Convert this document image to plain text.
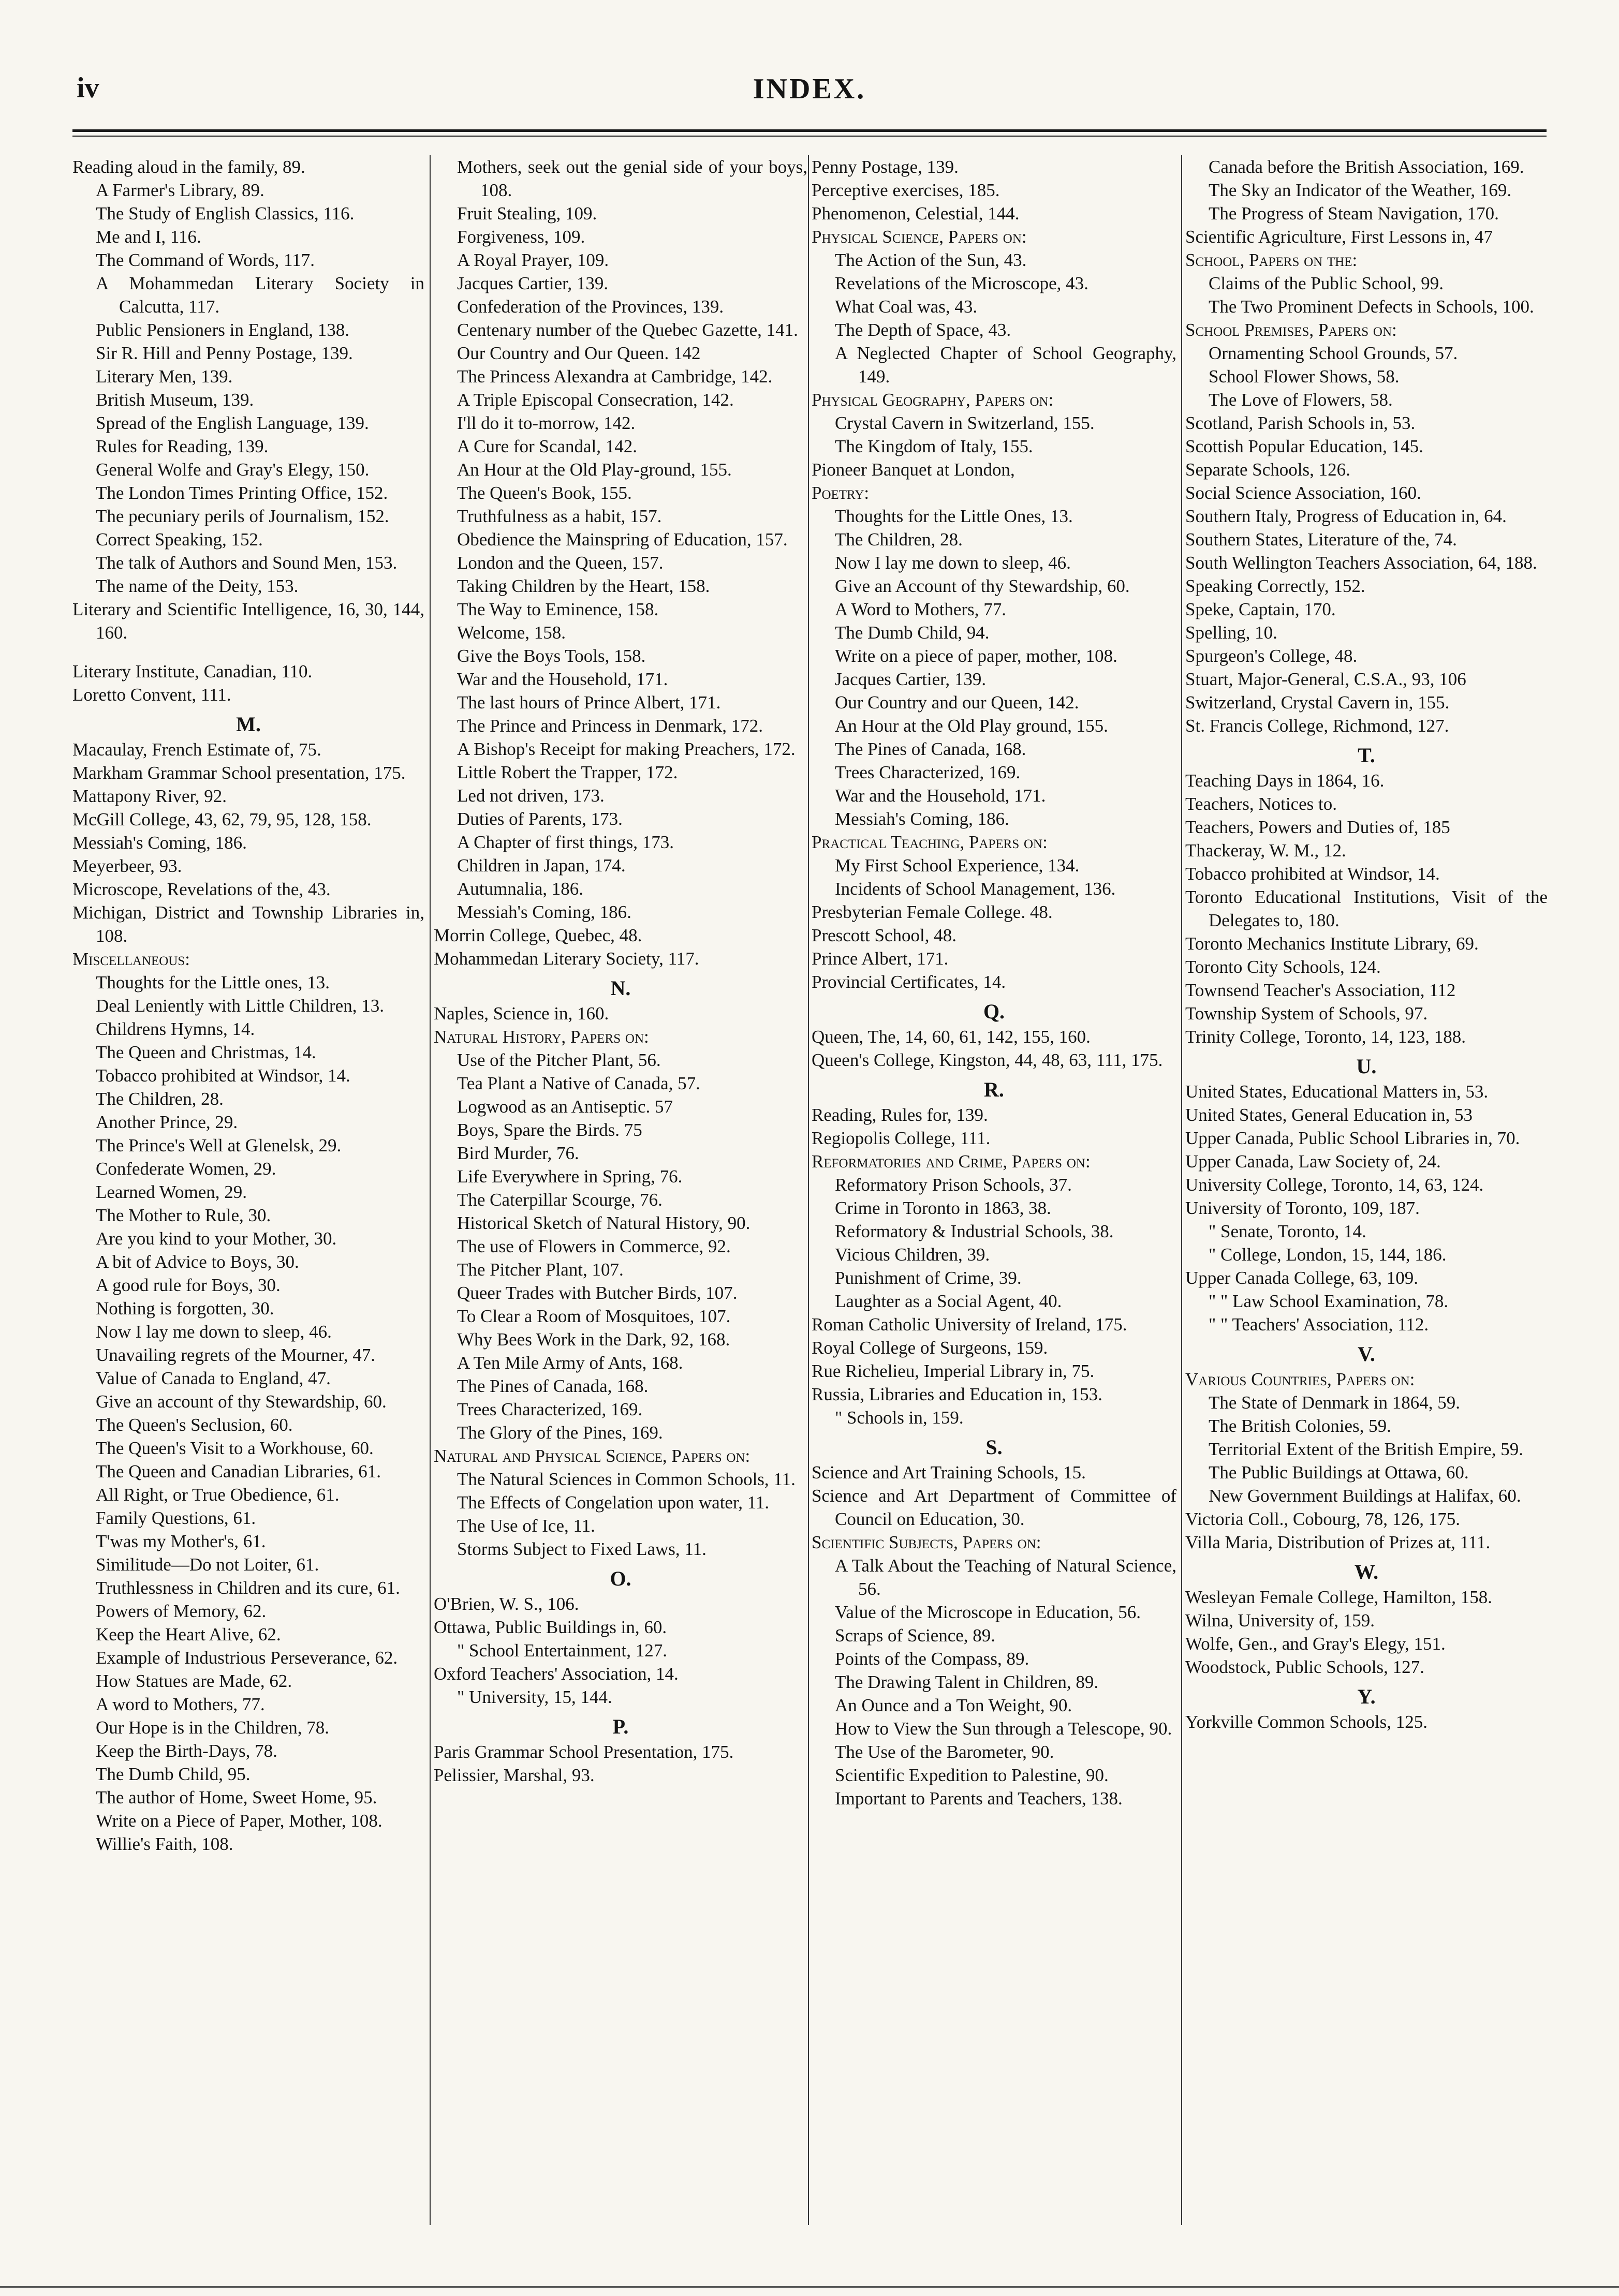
iv	INDEX.

Reading aloud in the family, 89.

A Farmer's Library, 89.

The Study of English Classics, 116.

Me and I, 116.

The Command of Words, 117.

A Mohammedan Literary Society in Calcutta, 117.

Public Pensioners in England, 138.

Sir R. Hill and Penny Postage, 139.

Literary Men, 139.

British Museum, 139.

Spread of the English Language, 139.

Rules for Reading, 139.

General Wolfe and Gray's Elegy, 150.

The London Times Printing Office, 152.

The pecuniary perils of Journalism, 152.

Correct Speaking, 152.

The talk of Authors and Sound Men, 153.

The name of the Deity, 153.

Literary and Scientific Intelligence, 16, 30, 144, 160.

Literary Institute, Canadian, 110.

Loretto Convent, 111.

M.

Macaulay, French Estimate of, 75.

Markham Grammar School presentation, 175.

Mattapony River, 92.

McGill College, 43, 62, 79, 95, 128, 158.

Messiah's Coming, 186.

Meyerbeer, 93.

Microscope, Revelations of the, 43.

Michigan, District and Township Libraries in, 108.

Miscellaneous:

Thoughts for the Little ones, 13.

Deal Leniently with Little Children, 13.

Childrens Hymns, 14.

The Queen and Christmas, 14.

Tobacco prohibited at Windsor, 14.

The Children, 28.

Another Prince, 29.

The Prince's Well at Glenelsk, 29.

Confederate Women, 29.

Learned Women, 29.

The Mother to Rule, 30.

Are you kind to your Mother, 30.

A bit of Advice to Boys, 30.

A good rule for Boys, 30.

Nothing is forgotten, 30.

Now I lay me down to sleep, 46.

Unavailing regrets of the Mourner, 47.

Value of Canada to England, 47.

Give an account of thy Stewardship, 60.

The Queen's Seclusion, 60.

The Queen's Visit to a Workhouse, 60.

The Queen and Canadian Libraries, 61.

All Right, or True Obedience, 61.

Family Questions, 61.

T'was my Mother's, 61.

Similitude—Do not Loiter, 61.

Truthlessness in Children and its cure, 61.

Powers of Memory, 62.

Keep the Heart Alive, 62.

Example of Industrious Perseverance, 62.

How Statues are Made, 62.

A word to Mothers, 77.

Our Hope is in the Children, 78.

Keep the Birth-Days, 78.

The Dumb Child, 95.

The author of Home, Sweet Home, 95.

Write on a Piece of Paper, Mother, 108.

Willie's Faith, 108.

Mothers, seek out the genial side of your boys, 108.

Fruit Stealing, 109.

Forgiveness, 109.

A Royal Prayer, 109.

Jacques Cartier, 139.

Confederation of the Provinces, 139.

Centenary number of the Quebec Gazette, 141.

Our Country and Our Queen. 142

The Princess Alexandra at Cambridge, 142.

A Triple Episcopal Consecration, 142.

I'll do it to-morrow, 142.

A Cure for Scandal, 142.

An Hour at the Old Play-ground, 155.

The Queen's Book, 155.

Truthfulness as a habit, 157.

Obedience the Mainspring of Education, 157.

London and the Queen, 157.

Taking Children by the Heart, 158.

The Way to Eminence, 158.

Welcome, 158.

Give the Boys Tools, 158.

War and the Household, 171.

The last hours of Prince Albert, 171.

The Prince and Princess in Denmark, 172.

A Bishop's Receipt for making Preachers, 172.

Little Robert the Trapper, 172.

Led not driven, 173.

Duties of Parents, 173.

A Chapter of first things, 173.

Children in Japan, 174.

Autumnalia, 186.

Messiah's Coming, 186.

Morrin College, Quebec, 48.

Mohammedan Literary Society, 117.

N.

Naples, Science in, 160.

Natural History, Papers on:

Use of the Pitcher Plant, 56.

Tea Plant a Native of Canada, 57.

Logwood as an Antiseptic. 57

Boys, Spare the Birds. 75

Bird Murder, 76.

Life Everywhere in Spring, 76.

The Caterpillar Scourge, 76.

Historical Sketch of Natural History, 90.

The use of Flowers in Commerce, 92.

The Pitcher Plant, 107.

Queer Trades with Butcher Birds, 107.

To Clear a Room of Mosquitoes, 107.

Why Bees Work in the Dark, 92, 168.

A Ten Mile Army of Ants, 168.

The Pines of Canada, 168.

Trees Characterized, 169.

The Glory of the Pines, 169.

Natural and Physical Science, Papers on:

The Natural Sciences in Common Schools, 11.

The Effects of Congelation upon water, 11.

The Use of Ice, 11.

Storms Subject to Fixed Laws, 11.

O.

O'Brien, W. S., 106.

Ottawa, Public Buildings in, 60.

" School Entertainment, 127.

Oxford Teachers' Association, 14.

" University, 15, 144.

P.

Paris Grammar School Presentation, 175.

Pelissier, Marshal, 93.

Penny Postage, 139.

Perceptive exercises, 185.

Phenomenon, Celestial, 144.

Physical Science, Papers on:

The Action of the Sun, 43.

Revelations of the Microscope, 43.

What Coal was, 43.

The Depth of Space, 43.

A Neglected Chapter of School Geography, 149.

Physical Geography, Papers on:

Crystal Cavern in Switzerland, 155.

The Kingdom of Italy, 155.

Pioneer Banquet at London,

Poetry:

Thoughts for the Little Ones, 13.

The Children, 28.

Now I lay me down to sleep, 46.

Give an Account of thy Stewardship, 60.

A Word to Mothers, 77.

The Dumb Child, 94.

Write on a piece of paper, mother, 108.

Jacques Cartier, 139.

Our Country and our Queen, 142.

An Hour at the Old Play ground, 155.

The Pines of Canada, 168.

Trees Characterized, 169.

War and the Household, 171.

Messiah's Coming, 186.

Practical Teaching, Papers on:

My First School Experience, 134.

Incidents of School Management, 136.

Presbyterian Female College. 48.

Prescott School, 48.

Prince Albert, 171.

Provincial Certificates, 14.

Q.

Queen, The, 14, 60, 61, 142, 155, 160.

Queen's College, Kingston, 44, 48, 63, 111, 175.

R.

Reading, Rules for, 139.

Regiopolis College, 111.

Reformatories and Crime, Papers on:

Reformatory Prison Schools, 37.

Crime in Toronto in 1863, 38.

Reformatory & Industrial Schools, 38.

Vicious Children, 39.

Punishment of Crime, 39.

Laughter as a Social Agent, 40.

Roman Catholic University of Ireland, 175.

Royal College of Surgeons, 159.

Rue Richelieu, Imperial Library in, 75.

Russia, Libraries and Education in, 153.

" Schools in, 159.

S.

Science and Art Training Schools, 15.

Science and Art Department of Committee of Council on Education, 30.

Scientific Subjects, Papers on:

A Talk About the Teaching of Natural Science, 56.

Value of the Microscope in Education, 56.

Scraps of Science, 89.

Points of the Compass, 89.

The Drawing Talent in Children, 89.

An Ounce and a Ton Weight, 90.

How to View the Sun through a Telescope, 90.

The Use of the Barometer, 90.

Scientific Expedition to Palestine, 90.

Important to Parents and Teachers, 138.

Canada before the British Association, 169.

The Sky an Indicator of the Weather, 169.

The Progress of Steam Navigation, 170.

Scientific Agriculture, First Lessons in, 47

School, Papers on the:

Claims of the Public School, 99.

The Two Prominent Defects in Schools, 100.

School Premises, Papers on:

Ornamenting School Grounds, 57.

School Flower Shows, 58.

The Love of Flowers, 58.

Scotland, Parish Schools in, 53.

Scottish Popular Education, 145.

Separate Schools, 126.

Social Science Association, 160.

Southern Italy, Progress of Education in, 64.

Southern States, Literature of the, 74.

South Wellington Teachers Association, 64, 188.

Speaking Correctly, 152.

Speke, Captain, 170.

Spelling, 10.

Spurgeon's College, 48.

Stuart, Major-General, C.S.A., 93, 106

Switzerland, Crystal Cavern in, 155.

St. Francis College, Richmond, 127.

T.

Teaching Days in 1864, 16.

Teachers, Notices to.

Teachers, Powers and Duties of, 185

Thackeray, W. M., 12.

Tobacco prohibited at Windsor, 14.

Toronto Educational Institutions, Visit of the Delegates to, 180.

Toronto Mechanics Institute Library, 69.

Toronto City Schools, 124.

Townsend Teacher's Association, 112

Township System of Schools, 97.

Trinity College, Toronto, 14, 123, 188.

U.

United States, Educational Matters in, 53.

United States, General Education in, 53

Upper Canada, Public School Libraries in, 70.

Upper Canada, Law Society of, 24.

University College, Toronto, 14, 63, 124.

University of Toronto, 109, 187.

" Senate, Toronto, 14.

" College, London, 15, 144, 186.

Upper Canada College, 63, 109.

" " Law School Examination, 78.

" " Teachers' Association, 112.

V.

Various Countries, Papers on:

The State of Denmark in 1864, 59.

The British Colonies, 59.

Territorial Extent of the British Empire, 59.

The Public Buildings at Ottawa, 60.

New Government Buildings at Halifax, 60.

Victoria Coll., Cobourg, 78, 126, 175.

Villa Maria, Distribution of Prizes at, 111.

W.

Wesleyan Female College, Hamilton, 158.

Wilna, University of, 159.

Wolfe, Gen., and Gray's Elegy, 151.

Woodstock, Public Schools, 127.

Y.

Yorkville Common Schools, 125.
